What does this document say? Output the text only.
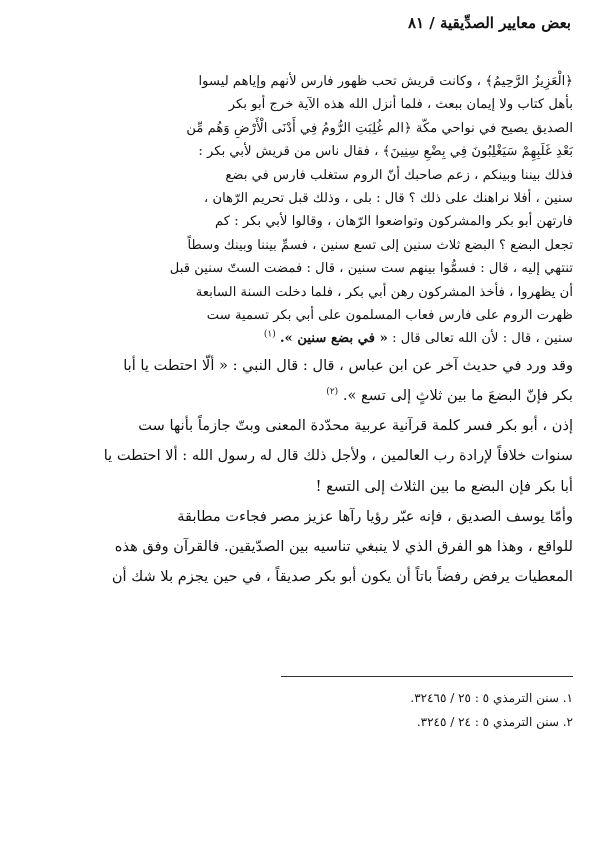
بعض معايير الصدِّيقية / ٨١

﴿الْعَزِيزُ الرَّحِيمُ﴾ ، وكانت قريش تحب ظهور فارس لأنهم وإياهم ليسوا

بأهل كتاب ولا إيمان ببعث ، فلما أنزل الله هذه الآية خرج أبو بكر

الصديق يصيح في نواحي مكّة ﴿الم غُلِبَتِ الرُّومُ فِي أَدْنَى الْأَرْضِ وَهُم مِّن

بَعْدِ غَلَبِهِمْ سَيَغْلِبُونَ فِي بِضْعِ سِنِينَ﴾ ، فقال ناس من قريش لأبي بكر :

فذلك بيننا وبينكم ، زعم صاحبك أنّ الروم ستغلب فارس في بضع

سنين ، أفلا نراهنك على ذلك ؟ قال : بلى ، وذلك قبل تحريم الرّهان ،

فارتهن أبو بكر والمشركون وتواضعوا الرّهان ، وقالوا لأبي بكر : كم

تجعل البضع ؟ البضع ثلاث سنين إلى تسع سنين ، فسمِّ بيننا وبينك وسطاً

تنتهي إليه ، قال : فسمُّوا بينهم ست سنين ، قال : فمضت الستّ سنين قبل

أن يظهروا ، فأخذ المشركون رهن أبي بكر ، فلما دخلت السنة السابعة

ظهرت الروم على فارس فعاب المسلمون على أبي بكر تسمية ست

سنين ، قال : لأن الله تعالى قال : « في بضع سنين ». $^{(١)}$

وقد ورد في حديث آخر عن ابن عباس ، قال : قال النبي : « ألّا احتطت يا أبا

بكر فإنّ البضعَ ما بين ثلاثٍ إلى تسع ». $^{(٢)}$

إذن ، أبو بكر فسر كلمة قرآنية عربية محدّدة المعنى وبتّ جازماً بأنها ست

سنوات خلافاً لإرادة رب العالمين ، ولأجل ذلك قال له رسول الله : ألا احتطت يا

أبا بكر فإن البضع ما بين الثلاث إلى التسع !

وأمّا يوسف الصديق ، فإنه عبّر رؤيا رآها عزيز مصر فجاءت مطابقة

للواقع ، وهذا هو الفرق الذي لا ينبغي تناسيه بين الصدّيقين. فالقرآن وفق هذه

المعطيات يرفض رفضاً باتاً أن يكون أبو بكر صديقاً ، في حين يجزم بلا شك أن

١. سنن الترمذي ٥ : ٢٥ / ٣٢٤٦٥.
٢. سنن الترمذي ٥ : ٢٤ / ٣٢٤٥.
